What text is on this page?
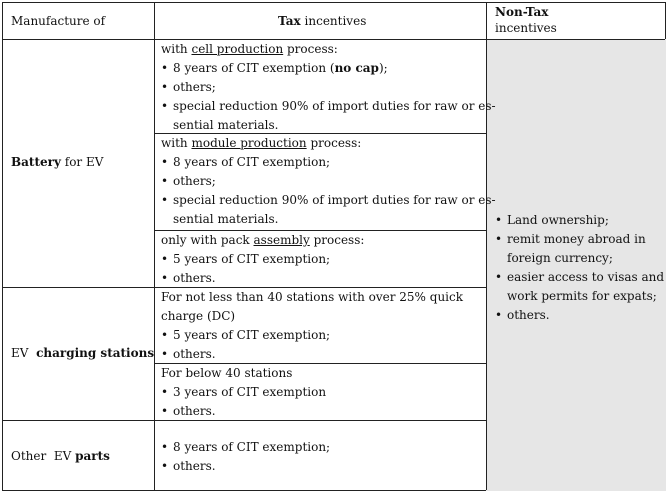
Manufacture of	Tax incentives
Non-Tax
incentives
Battery for EV
EV  charging stations
Other  EV parts
with cell production process:
• 8 years of CIT exemption (no cap);
• others;
• special reduction 90% of import duties for raw or es-
sential materials.
with module production process:
• 8 years of CIT exemption;
• others;
• special reduction 90% of import duties for raw or es-
sential materials.
only with pack assembly process:
• 5 years of CIT exemption;
• others.
For not less than 40 stations with over 25% quick
charge (DC)
• 5 years of CIT exemption;
• others.
For below 40 stations
• 3 years of CIT exemption
• others.
• 8 years of CIT exemption;
• others.
• Land ownership;
• remit money abroad in
foreign currency;
• easier access to visas and
work permits for expats;
• others.
